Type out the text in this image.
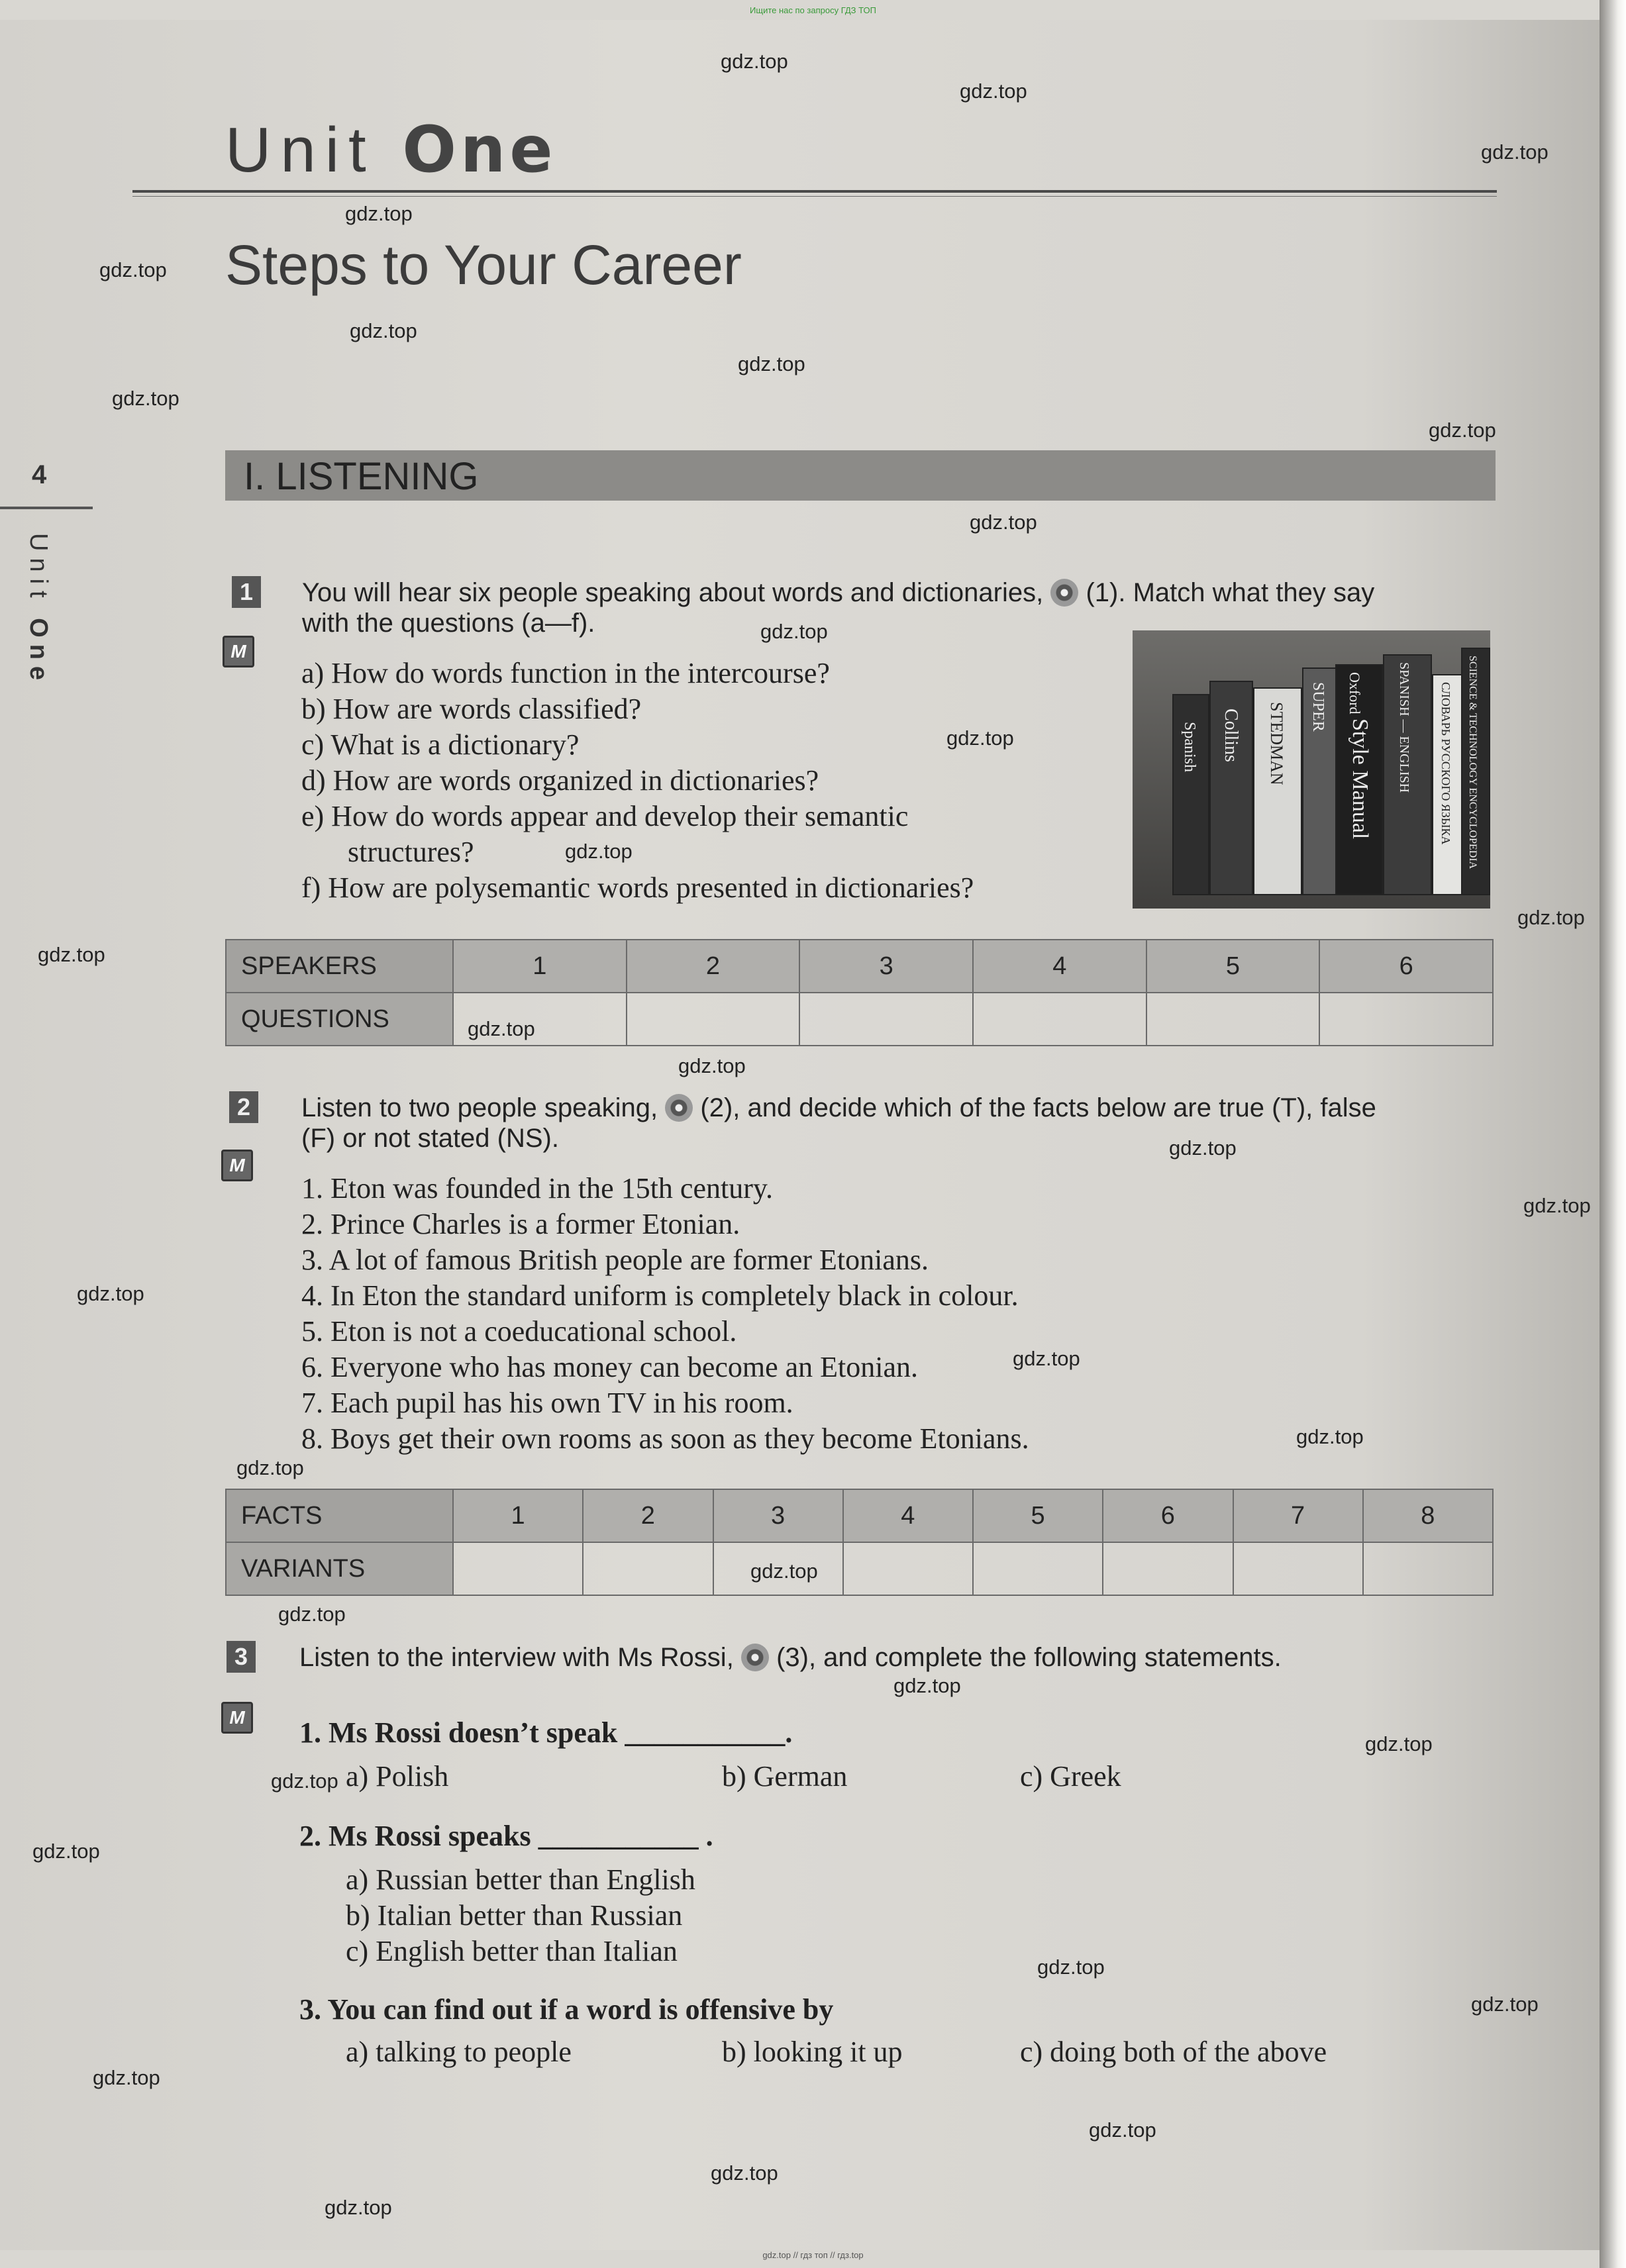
Ищите нас по запросу ГДЗ ТОП
Unit One
Steps to Your Career
4
Unit One
I. LISTENING
1
M
You will hear six people speaking about words and dictionaries, (1). Match what they say
with the questions (a—f).
a) How do words function in the intercourse?
b) How are words classified?
c) What is a dictionary?
d) How are words organized in dictionaries?
e) How do words appear and develop their semantic
structures?
f) How are polysemantic words presented in dictionaries?
Spanish Collins STEDMAN SUPER Oxford
Style Manual SPANISH — ENGLISH СЛОВАРЬ РУССКОГО ЯЗЫКА SCIENCE & TECHNOLOGY ENCYCLOPEDIA
SPEAKERS	1	2	3	4	5	6
QUESTIONS						
2
M
Listen to two people speaking, (2), and decide which of the facts below are true (T), false
(F) or not stated (NS).
1. Eton was founded in the 15th century.
2. Prince Charles is a former Etonian.
3. A lot of famous British people are former Etonians.
4. In Eton the standard uniform is completely black in colour.
5. Eton is not a coeducational school.
6. Everyone who has money can become an Etonian.
7. Each pupil has his own TV in his room.
8. Boys get their own rooms as soon as they become Etonians.
FACTS	1	2	3	4	5	6	7	8
VARIANTS								
3
M
Listen to the interview with Ms Rossi, (3), and complete the following statements.
1. Ms Rossi doesn’t speak ___________.
a) Polish	b) German	c) Greek
2. Ms Rossi speaks ___________ .
a) Russian better than English
b) Italian better than Russian
c) English better than Italian
3. You can find out if a word is offensive by
a) talking to people	b) looking it up	c) doing both of the above
gdz.top
gdz.top
gdz.top
gdz.top
gdz.top
gdz.top
gdz.top
gdz.top
gdz.top
gdz.top
gdz.top
gdz.top
gdz.top
gdz.top
gdz.top
gdz.top
gdz.top
gdz.top
gdz.top
gdz.top
gdz.top
gdz.top
gdz.top
gdz.top
gdz.top
gdz.top
gdz.top
gdz.top
gdz.top
gdz.top
gdz.top
gdz.top
gdz.top
gdz.top
gdz.top
gdz.top // гдз топ // гдз.top
